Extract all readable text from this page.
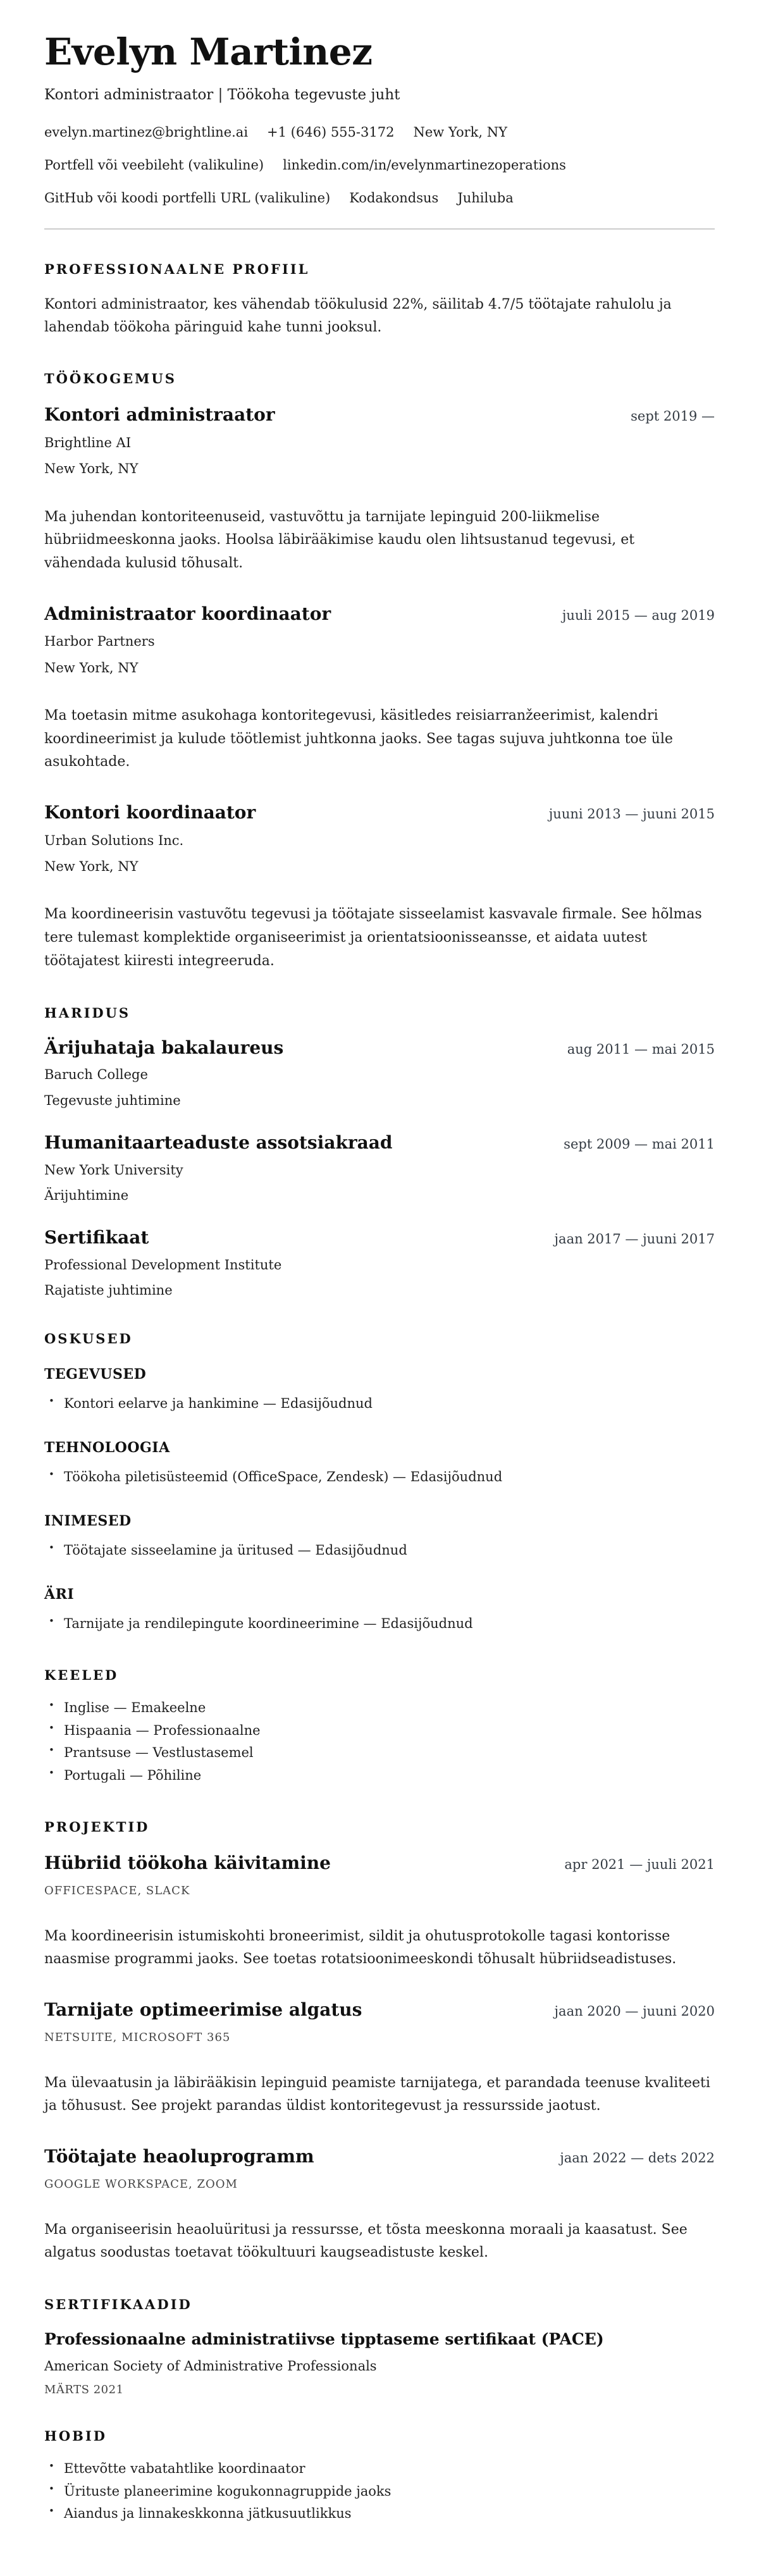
Evelyn Martinez
Kontori administraator | Töökoha tegevuste juht
evelyn.martinez@brightline.ai +1 (646) 555-3172 New York, NY
Portfell või veebileht (valikuline) linkedin.com/in/evelynmartinezoperations
GitHub või koodi portfelli URL (valikuline) Kodakondsus Juhiluba
PROFESSIONAALNE PROFIIL

Kontori administraator, kes vähendab töökulusid 22%, säilitab 4.7/5 töötajate rahulolu ja lahendab töökoha päringuid kahe tunni jooksul.

TÖÖKOGEMUS
Kontori administraator	sept 2019 —
Brightline AI
New York, NY

Ma juhendan kontoriteenuseid, vastuvõttu ja tarnijate lepinguid 200-liikmelise hübriidmeeskonna jaoks. Hoolsa läbirääkimise kaudu olen lihtsustanud tegevusi, et vähendada kulusid tõhusalt.

Administraator koordinaator	juuli 2015 — aug 2019
Harbor Partners
New York, NY

Ma toetasin mitme asukohaga kontoritegevusi, käsitledes reisiarranžeerimist, kalendri koordineerimist ja kulude töötlemist juhtkonna jaoks. See tagas sujuva juhtkonna toe üle asukohtade.

Kontori koordinaator	juuni 2013 — juuni 2015
Urban Solutions Inc.
New York, NY

Ma koordineerisin vastuvõtu tegevusi ja töötajate sisseelamist kasvavale firmale. See hõlmas tere tulemast komplektide organiseerimist ja orientatsioonisseansse, et aidata uutest töötajatest kiiresti integreeruda.

HARIDUS
Ärijuhataja bakalaureus	aug 2011 — mai 2015
Baruch College
Tegevuste juhtimine
Humanitaarteaduste assotsiakraad	sept 2009 — mai 2011
New York University
Ärijuhtimine
Sertifikaat	jaan 2017 — juuni 2017
Professional Development Institute
Rajatiste juhtimine
OSKUSED
TEGEVUSED
• Kontori eelarve ja hankimine — Edasijõudnud
TEHNOLOOGIA
• Töökoha piletisüsteemid (OfficeSpace, Zendesk) — Edasijõudnud
INIMESED
• Töötajate sisseelamine ja üritused — Edasijõudnud
ÄRI
• Tarnijate ja rendilepingute koordineerimine — Edasijõudnud
KEELED
• Inglise — Emakeelne
• Hispaania — Professionaalne
• Prantsuse — Vestlustasemel
• Portugali — Põhiline
PROJEKTID
Hübriid töökoha käivitamine	apr 2021 — juuli 2021
OFFICESPACE, SLACK

Ma koordineerisin istumiskohti broneerimist, sildit ja ohutusprotokolle tagasi kontorisse naasmise programmi jaoks. See toetas rotatsioonimeeskondi tõhusalt hübriidseadistuses.

Tarnijate optimeerimise algatus	jaan 2020 — juuni 2020
NETSUITE, MICROSOFT 365

Ma ülevaatusin ja läbirääkisin lepinguid peamiste tarnijatega, et parandada teenuse kvaliteeti ja tõhusust. See projekt parandas üldist kontoritegevust ja ressursside jaotust.

Töötajate heaoluprogramm	jaan 2022 — dets 2022
GOOGLE WORKSPACE, ZOOM

Ma organiseerisin heaoluüritusi ja ressursse, et tõsta meeskonna moraali ja kaasatust. See algatus soodustas toetavat töökultuuri kaugseadistuste keskel.

SERTIFIKAADID
Professionaalne administratiivse tipptaseme sertifikaat (PACE)
American Society of Administrative Professionals
MÄRTS 2021
HOBID
• Ettevõtte vabatahtlike koordinaator
• Ürituste planeerimine kogukonnagruppide jaoks
• Aiandus ja linnakeskkonna jätkusuutlikkus
